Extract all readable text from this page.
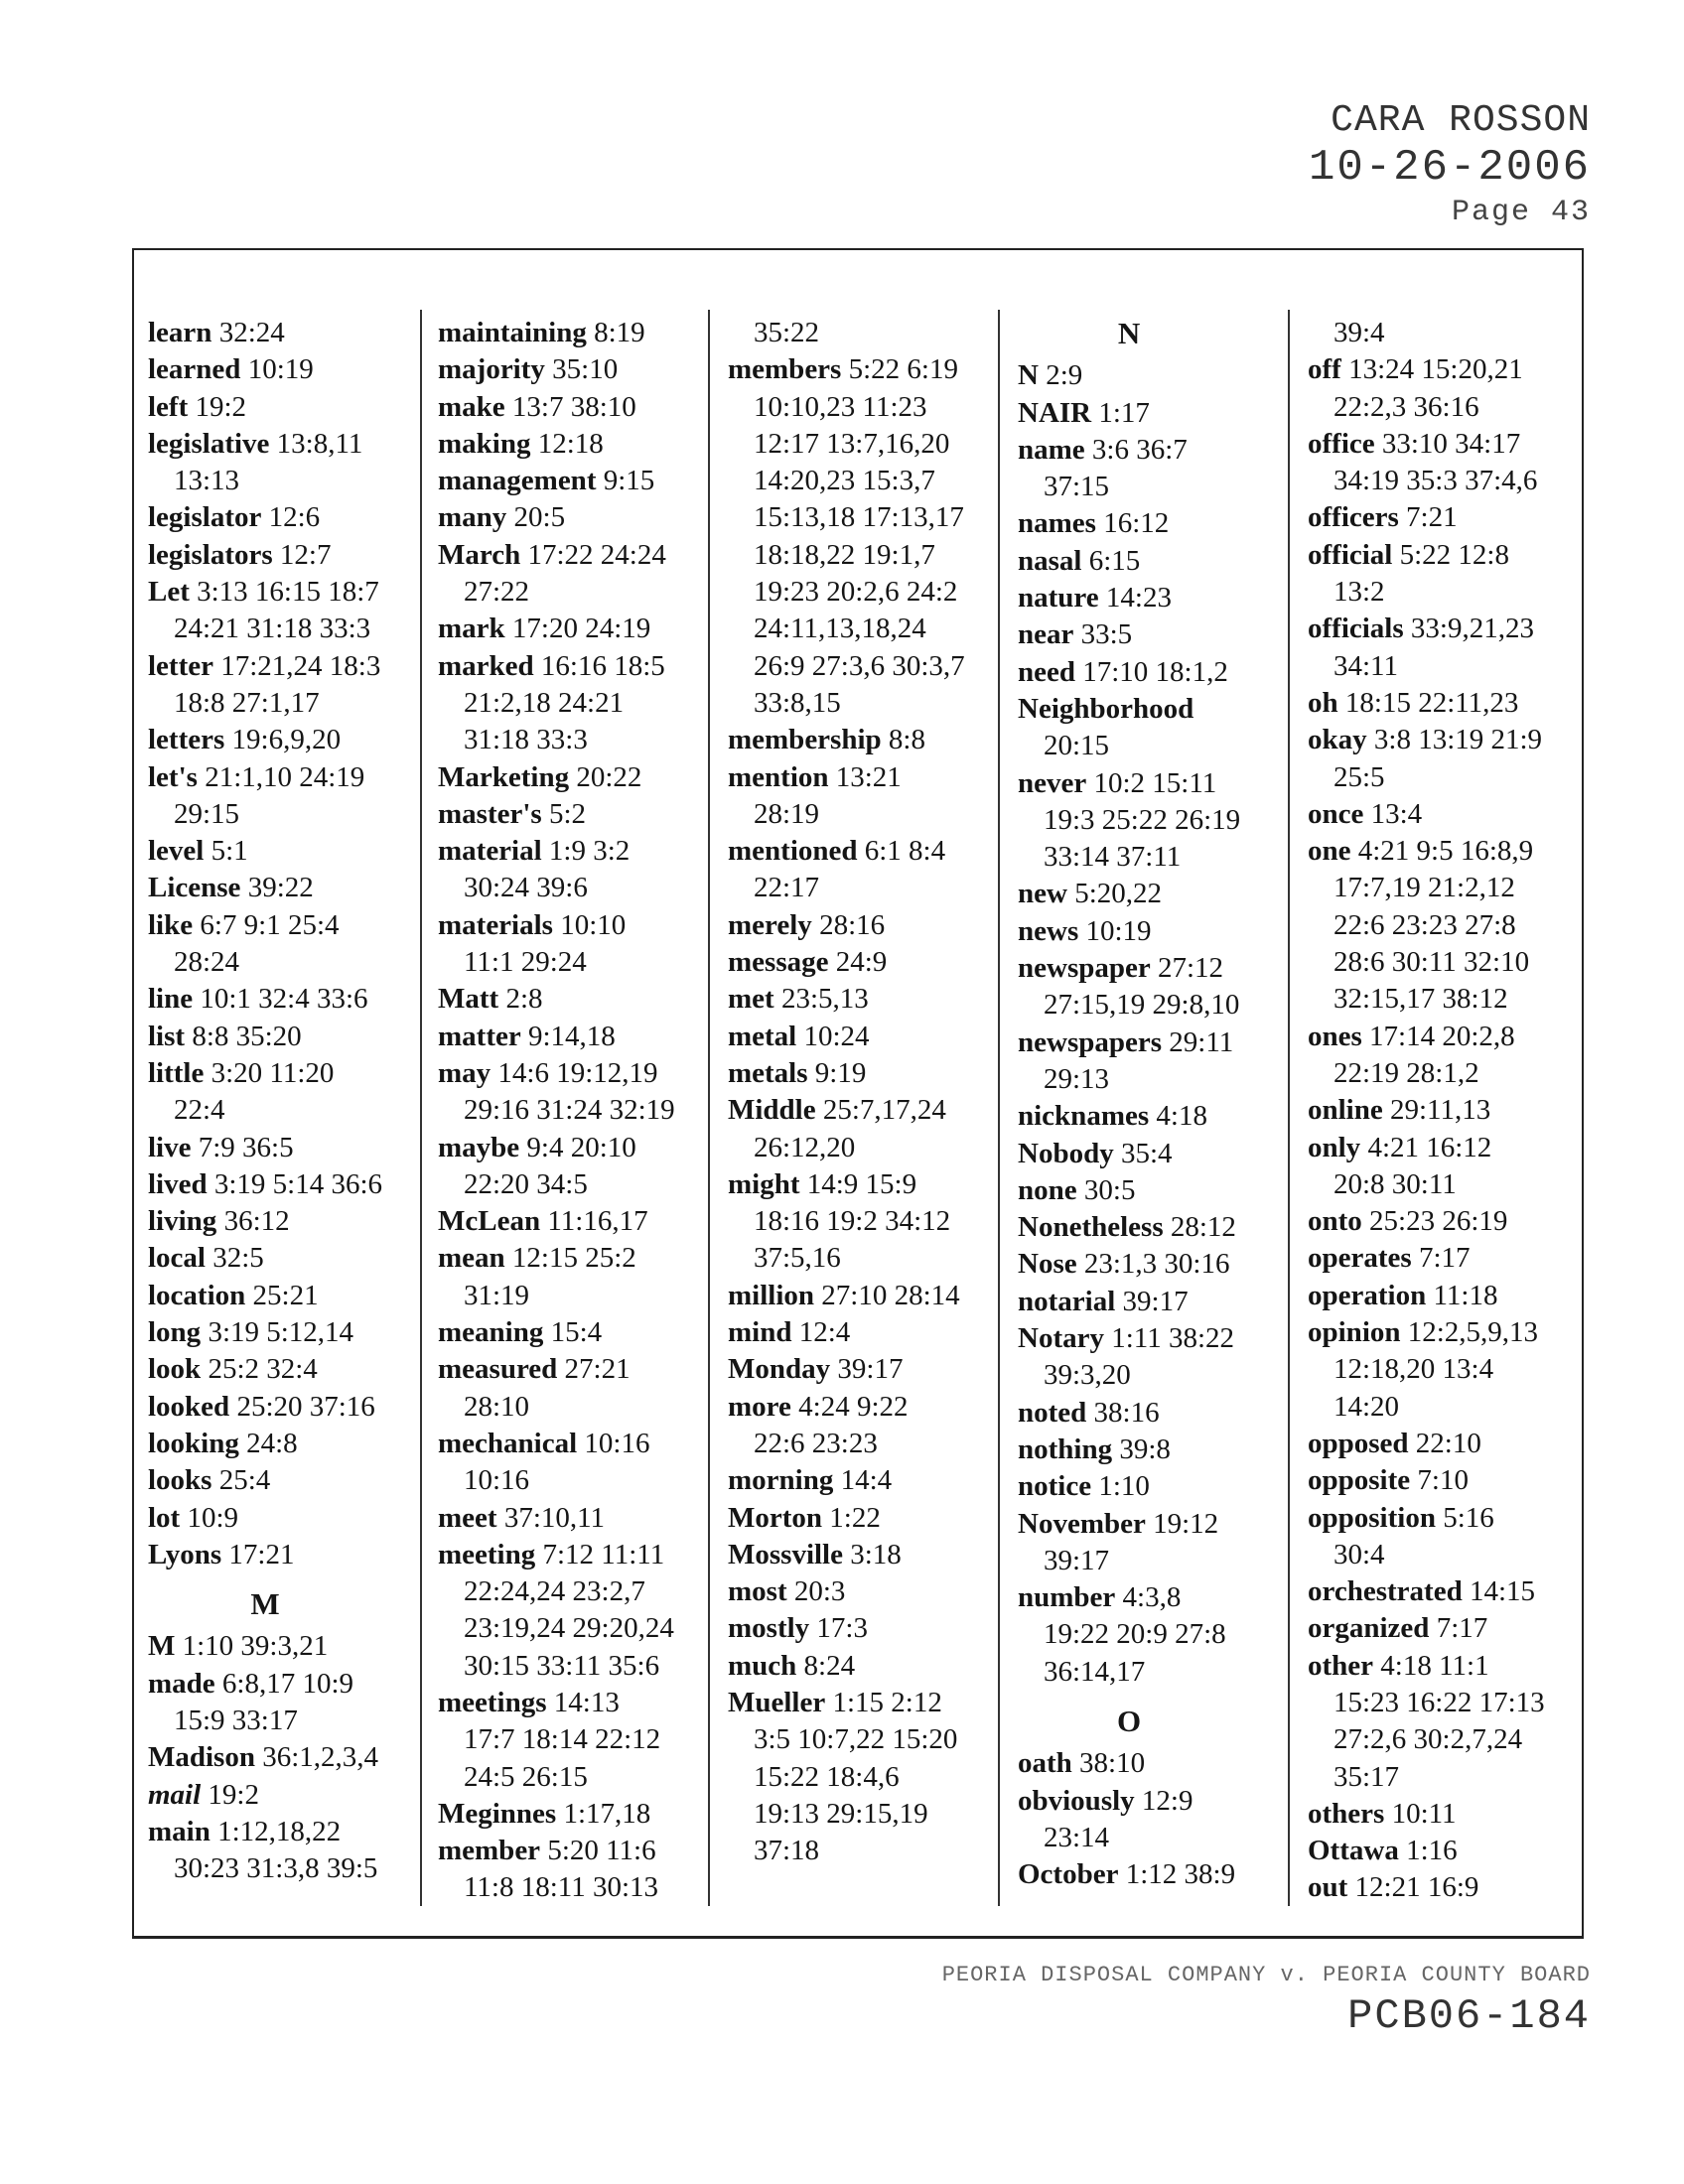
CARA ROSSON
10-26-2006
Page 43
learn 32:24
learned 10:19
left 19:2
legislative 13:8,11
13:13
legislator 12:6
legislators 12:7
Let 3:13 16:15 18:7
24:21 31:18 33:3
letter 17:21,24 18:3
18:8 27:1,17
letters 19:6,9,20
let's 21:1,10 24:19
29:15
level 5:1
License 39:22
like 6:7 9:1 25:4
28:24
line 10:1 32:4 33:6
list 8:8 35:20
little 3:20 11:20
22:4
live 7:9 36:5
lived 3:19 5:14 36:6
living 36:12
local 32:5
location 25:21
long 3:19 5:12,14
look 25:2 32:4
looked 25:20 37:16
looking 24:8
looks 25:4
lot 10:9
Lyons 17:21
M
M 1:10 39:3,21
made 6:8,17 10:9
15:9 33:17
Madison 36:1,2,3,4
mail 19:2
main 1:12,18,22
30:23 31:3,8 39:5
maintaining 8:19
majority 35:10
make 13:7 38:10
making 12:18
management 9:15
many 20:5
March 17:22 24:24
27:22
mark 17:20 24:19
marked 16:16 18:5
21:2,18 24:21
31:18 33:3
Marketing 20:22
master's 5:2
material 1:9 3:2
30:24 39:6
materials 10:10
11:1 29:24
Matt 2:8
matter 9:14,18
may 14:6 19:12,19
29:16 31:24 32:19
maybe 9:4 20:10
22:20 34:5
McLean 11:16,17
mean 12:15 25:2
31:19
meaning 15:4
measured 27:21
28:10
mechanical 10:16
10:16
meet 37:10,11
meeting 7:12 11:11
22:24,24 23:2,7
23:19,24 29:20,24
30:15 33:11 35:6
meetings 14:13
17:7 18:14 22:12
24:5 26:15
Meginnes 1:17,18
member 5:20 11:6
11:8 18:11 30:13
35:22
members 5:22 6:19
10:10,23 11:23
12:17 13:7,16,20
14:20,23 15:3,7
15:13,18 17:13,17
18:18,22 19:1,7
19:23 20:2,6 24:2
24:11,13,18,24
26:9 27:3,6 30:3,7
33:8,15
membership 8:8
mention 13:21
28:19
mentioned 6:1 8:4
22:17
merely 28:16
message 24:9
met 23:5,13
metal 10:24
metals 9:19
Middle 25:7,17,24
26:12,20
might 14:9 15:9
18:16 19:2 34:12
37:5,16
million 27:10 28:14
mind 12:4
Monday 39:17
more 4:24 9:22
22:6 23:23
morning 14:4
Morton 1:22
Mossville 3:18
most 20:3
mostly 17:3
much 8:24
Mueller 1:15 2:12
3:5 10:7,22 15:20
15:22 18:4,6
19:13 29:15,19
37:18
N
N 2:9
NAIR 1:17
name 3:6 36:7
37:15
names 16:12
nasal 6:15
nature 14:23
near 33:5
need 17:10 18:1,2
Neighborhood
20:15
never 10:2 15:11
19:3 25:22 26:19
33:14 37:11
new 5:20,22
news 10:19
newspaper 27:12
27:15,19 29:8,10
newspapers 29:11
29:13
nicknames 4:18
Nobody 35:4
none 30:5
Nonetheless 28:12
Nose 23:1,3 30:16
notarial 39:17
Notary 1:11 38:22
39:3,20
noted 38:16
nothing 39:8
notice 1:10
November 19:12
39:17
number 4:3,8
19:22 20:9 27:8
36:14,17
O
oath 38:10
obviously 12:9
23:14
October 1:12 38:9
39:4
off 13:24 15:20,21
22:2,3 36:16
office 33:10 34:17
34:19 35:3 37:4,6
officers 7:21
official 5:22 12:8
13:2
officials 33:9,21,23
34:11
oh 18:15 22:11,23
okay 3:8 13:19 21:9
25:5
once 13:4
one 4:21 9:5 16:8,9
17:7,19 21:2,12
22:6 23:23 27:8
28:6 30:11 32:10
32:15,17 38:12
ones 17:14 20:2,8
22:19 28:1,2
online 29:11,13
only 4:21 16:12
20:8 30:11
onto 25:23 26:19
operates 7:17
operation 11:18
opinion 12:2,5,9,13
12:18,20 13:4
14:20
opposed 22:10
opposite 7:10
opposition 5:16
30:4
orchestrated 14:15
organized 7:17
other 4:18 11:1
15:23 16:22 17:13
27:2,6 30:2,7,24
35:17
others 10:11
Ottawa 1:16
out 12:21 16:9
PEORIA DISPOSAL COMPANY v. PEORIA COUNTY BOARD
PCB06-184
